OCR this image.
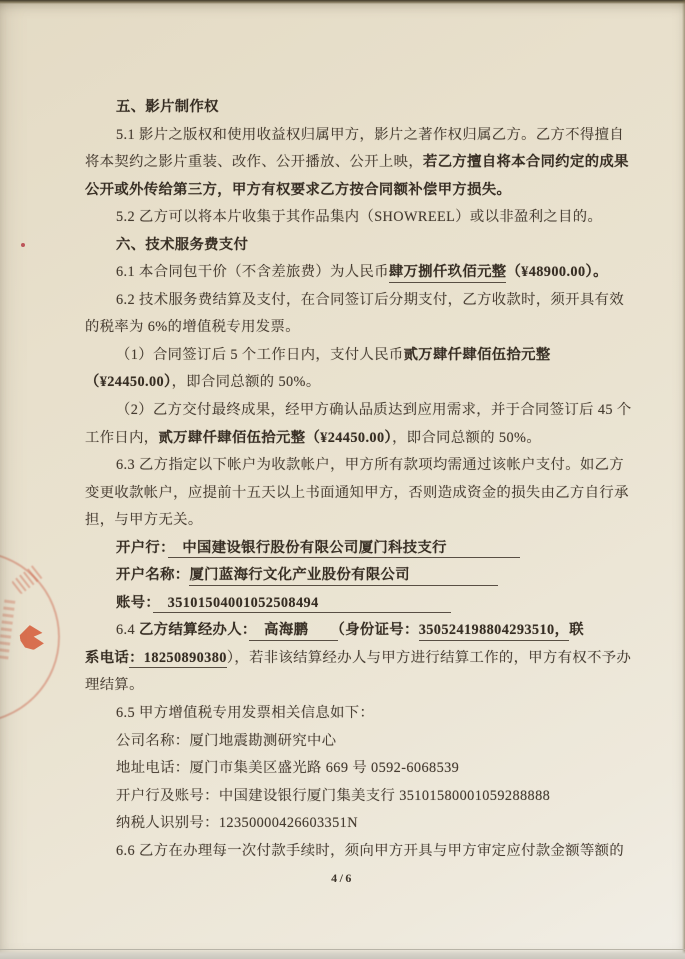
五、影片制作权
5.1 影片之版权和使用收益权归属甲方，影片之著作权归属乙方。乙方不得擅自
将本契约之影片重装、改作、公开播放、公开上映，若乙方擅自将本合同约定的成果
公开或外传给第三方，甲方有权要求乙方按合同额补偿甲方损失。
5.2 乙方可以将本片收集于其作品集内（SHOWREEL）或以非盈利之目的。
六、技术服务费支付
6.1 本合同包干价（不含差旅费）为人民币肆万捌仟玖佰元整（¥48900.00）。
6.2 技术服务费结算及支付，在合同签订后分期支付，乙方收款时，须开具有效
的税率为 6%的增值税专用发票。
（1）合同签订后 5 个工作日内，支付人民币贰万肆仟肆佰伍拾元整
（¥24450.00），即合同总额的 50%。
（2）乙方交付最终成果，经甲方确认品质达到应用需求，并于合同签订后 45 个
工作日内，贰万肆仟肆佰伍拾元整（¥24450.00），即合同总额的 50%。
6.3 乙方指定以下帐户为收款帐户，甲方所有款项均需通过该帐户支付。如乙方
变更收款帐户，应提前十五天以上书面通知甲方，否则造成资金的损失由乙方自行承
担，与甲方无关。
开户行：　中国建设银行股份有限公司厦门科技支行　　　　　
开户名称：厦门蓝海行文化产业股份有限公司　　　　　　
账号：　35101504001052508494　　　　　　　　　
6.4 乙方结算经办人：　高海鹏　　（身份证号：350524198804293510，联
系电话：18250890380），若非该结算经办人与甲方进行结算工作的，甲方有权不予办
理结算。
6.5 甲方增值税专用发票相关信息如下：
公司名称：厦门地震勘测研究中心
地址电话：厦门市集美区盛光路 669 号 0592-6068539
开户行及账号：中国建设银行厦门集美支行 35101580001059288888
纳税人识别号：12350000426603351N
6.6 乙方在办理每一次付款手续时，须向甲方开具与甲方审定应付款金额等额的
4/6
